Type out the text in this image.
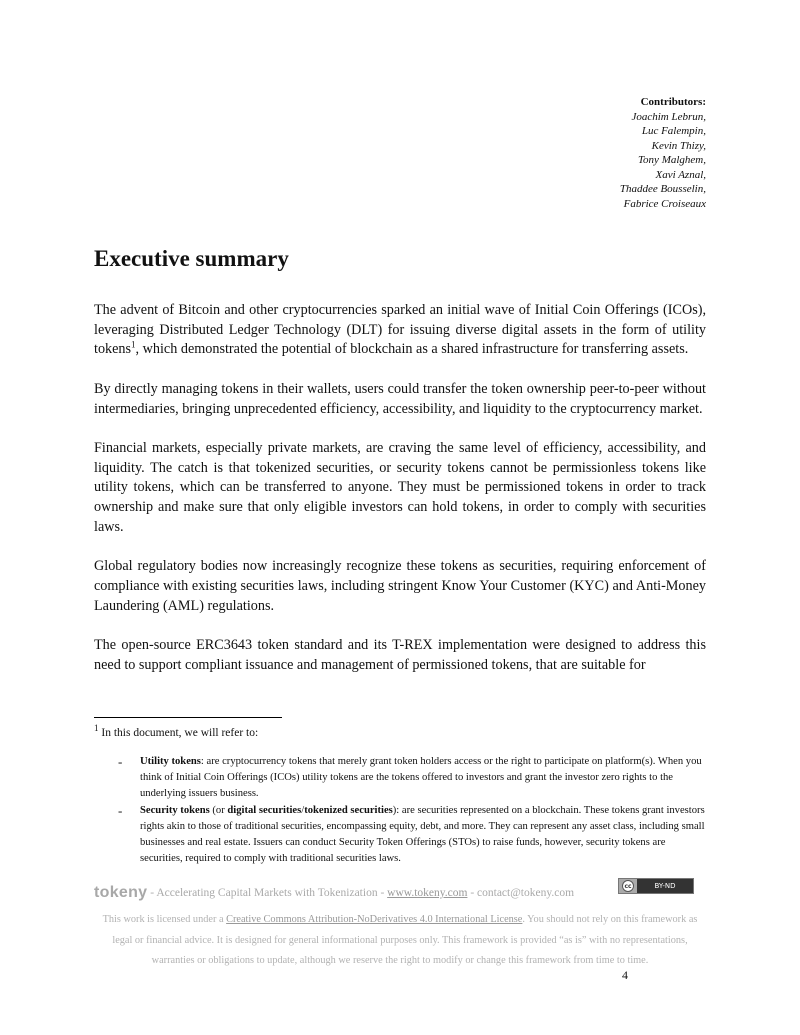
Contributors:
Joachim Lebrun,
Luc Falempin,
Kevin Thizy,
Tony Malghem,
Xavi Aznal,
Thaddee Bousselin,
Fabrice Croiseaux
Executive summary

The advent of Bitcoin and other cryptocurrencies sparked an initial wave of Initial Coin Offerings (ICOs), leveraging Distributed Ledger Technology (DLT) for issuing diverse digital assets in the form of utility tokens$^1$, which demonstrated the potential of blockchain as a shared infrastructure for transferring assets.

By directly managing tokens in their wallets, users could transfer the token ownership peer-to-peer without intermediaries, bringing unprecedented efficiency, accessibility, and liquidity to the cryptocurrency market.

Financial markets, especially private markets, are craving the same level of efficiency, accessibility, and liquidity. The catch is that tokenized securities, or security tokens cannot be permissionless tokens like utility tokens, which can be transferred to anyone. They must be permissioned tokens in order to track ownership and make sure that only eligible investors can hold tokens, in order to comply with securities laws.

Global regulatory bodies now increasingly recognize these tokens as securities, requiring enforcement of compliance with existing securities laws, including stringent Know Your Customer (KYC) and Anti-Money Laundering (AML) regulations.

The open-source ERC3643 token standard and its T-REX implementation were designed to address this need to support compliant issuance and management of permissioned tokens, that are suitable for

$^1$ In this document, we will refer to:
- Utility tokens: are cryptocurrency tokens that merely grant token holders access or the right to participate on platform(s). When you think of Initial Coin Offerings (ICOs) utility tokens are the tokens offered to investors and grant the investor zero rights to the underlying issuers business.
- Security tokens (or digital securities/tokenized securities): are securities represented on a blockchain. These tokens grant investors rights akin to those of traditional securities, encompassing equity, debt, and more. They can represent any asset class, including small businesses and real estate. Issuers can conduct Security Token Offerings (STOs) to raise funds, however, security tokens are securities, required to comply with traditional securities laws.
tokeny - Accelerating Capital Markets with Tokenization - www.tokeny.com - contact@tokeny.com
cc	BY-ND
This work is licensed under a Creative Commons Attribution-NoDerivatives 4.0 International License. You should not rely on this framework as
legal or financial advice. It is designed for general informational purposes only. This framework is provided “as is” with no representations,
warranties or obligations to update, although we reserve the right to modify or change this framework from time to time.
4
